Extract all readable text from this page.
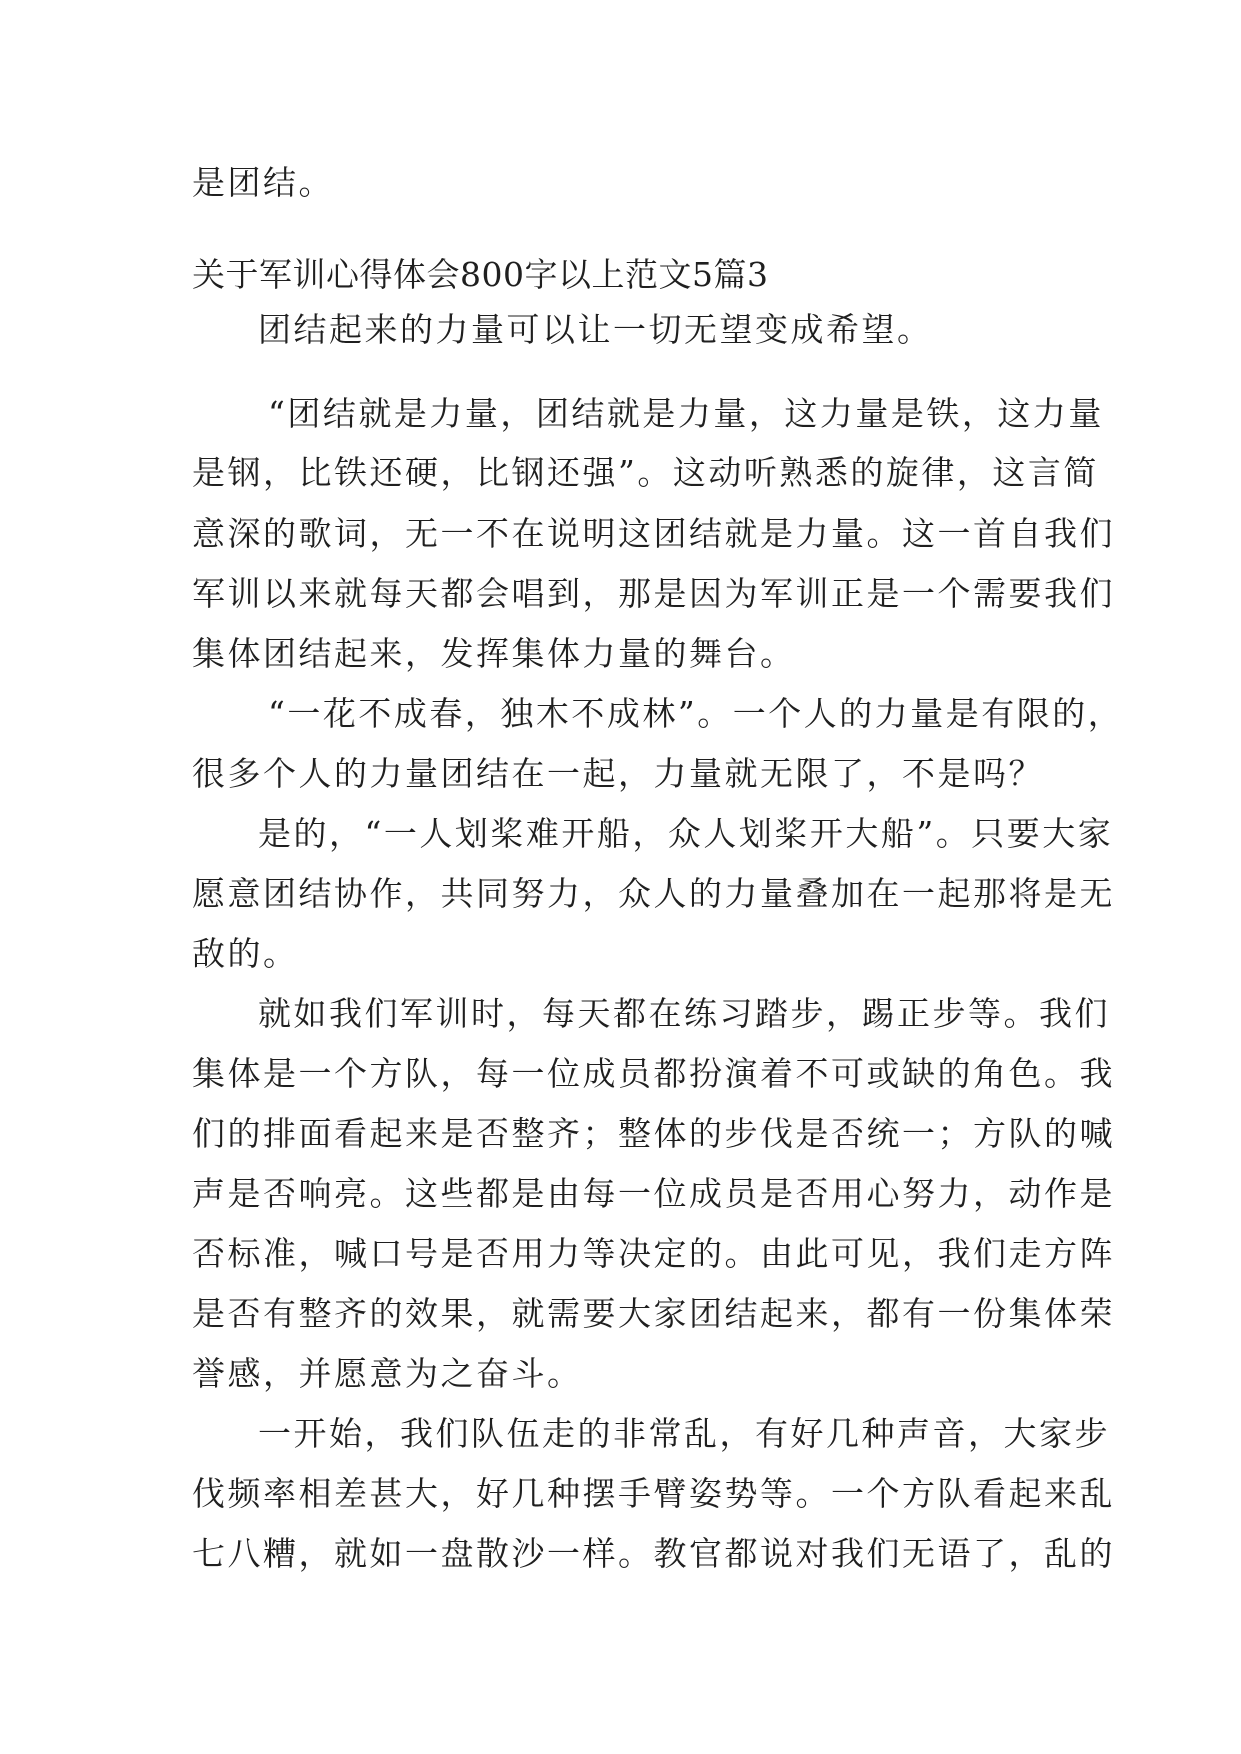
是团结。
关于军训心得体会800字以上范文5篇3
团结起来的力量可以让一切无望变成希望。
“团结就是力量，团结就是力量，这力量是铁，这力量
是钢，比铁还硬，比钢还强”。这动听熟悉的旋律，这言简
意深的歌词，无一不在说明这团结就是力量。这一首自我们
军训以来就每天都会唱到，那是因为军训正是一个需要我们
集体团结起来，发挥集体力量的舞台。
“一花不成春，独木不成林”。一个人的力量是有限的，
很多个人的力量团结在一起，力量就无限了，不是吗？
是的，“一人划桨难开船，众人划桨开大船”。只要大家
愿意团结协作，共同努力，众人的力量叠加在一起那将是无
敌的。
就如我们军训时，每天都在练习踏步，踢正步等。我们
集体是一个方队，每一位成员都扮演着不可或缺的角色。我
们的排面看起来是否整齐；整体的步伐是否统一；方队的喊
声是否响亮。这些都是由每一位成员是否用心努力，动作是
否标准，喊口号是否用力等决定的。由此可见，我们走方阵
是否有整齐的效果，就需要大家团结起来，都有一份集体荣
誉感，并愿意为之奋斗。
一开始，我们队伍走的非常乱，有好几种声音，大家步
伐频率相差甚大，好几种摆手臂姿势等。一个方队看起来乱
七八糟，就如一盘散沙一样。教官都说对我们无语了，乱的
